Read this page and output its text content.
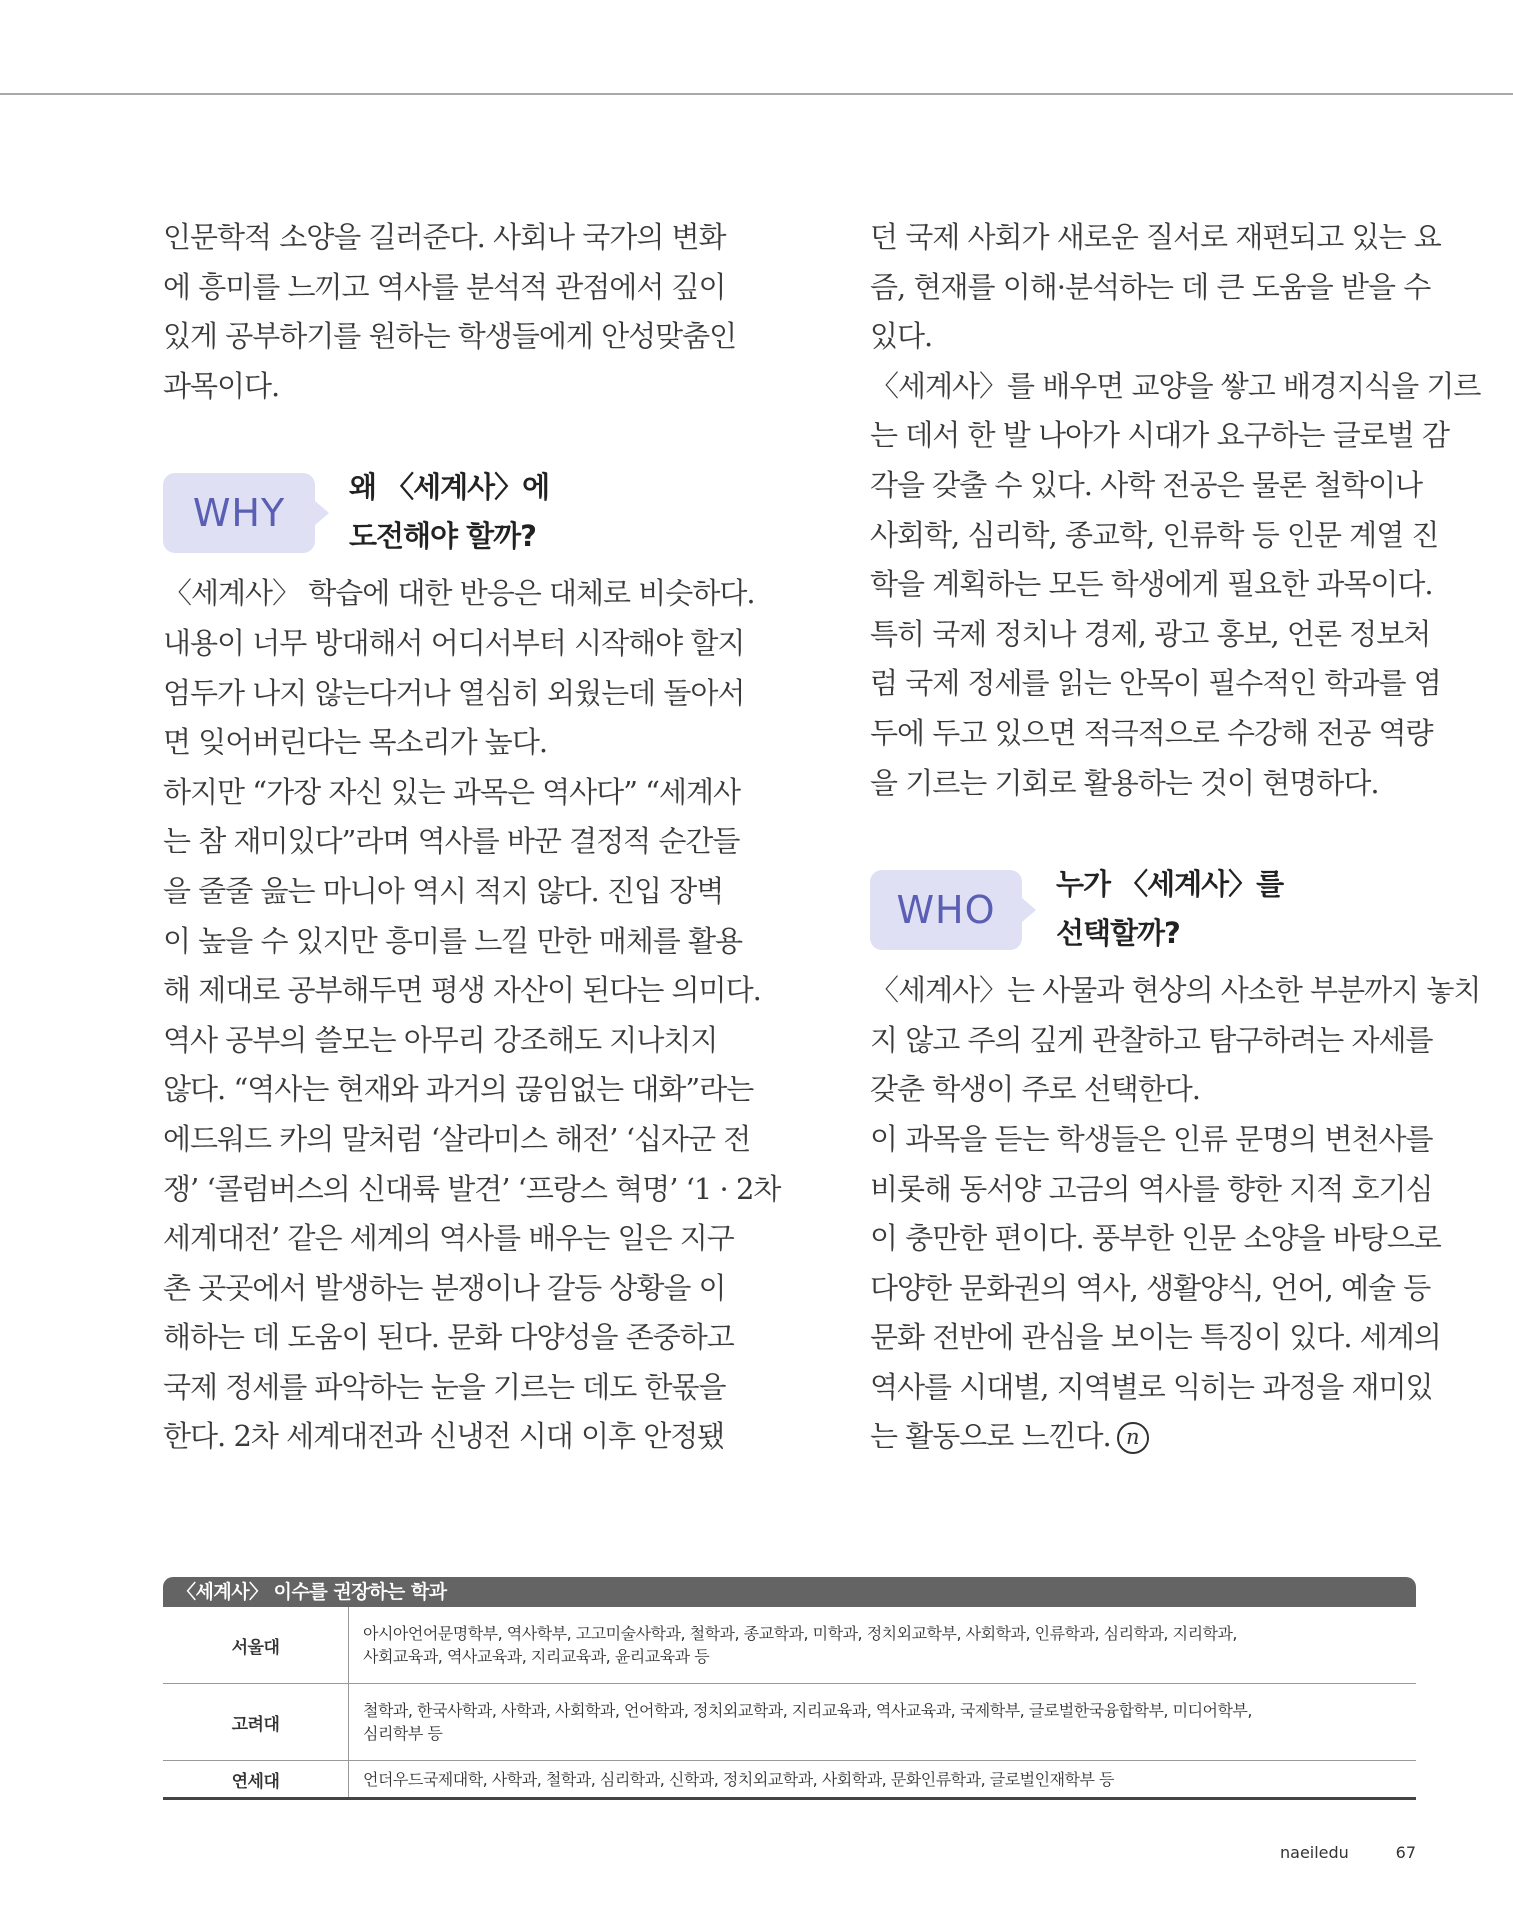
인문학적 소양을 길러준다. 사회나 국가의 변화

에 흥미를 느끼고 역사를 분석적 관점에서 깊이

있게 공부하기를 원하는 학생들에게 안성맞춤인

과목이다.

WHY
왜 〈세계사〉에
도전해야 할까?

〈세계사〉 학습에 대한 반응은 대체로 비슷하다.

내용이 너무 방대해서 어디서부터 시작해야 할지

엄두가 나지 않는다거나 열심히 외웠는데 돌아서

면 잊어버린다는 목소리가 높다.

하지만 “가장 자신 있는 과목은 역사다” “세계사

는 참 재미있다”라며 역사를 바꾼 결정적 순간들

을 줄줄 읊는 마니아 역시 적지 않다. 진입 장벽

이 높을 수 있지만 흥미를 느낄 만한 매체를 활용

해 제대로 공부해두면 평생 자산이 된다는 의미다.

역사 공부의 쓸모는 아무리 강조해도 지나치지

않다. “역사는 현재와 과거의 끊임없는 대화”라는

에드워드 카의 말처럼 ‘살라미스 해전’ ‘십자군 전

쟁’ ‘콜럼버스의 신대륙 발견’ ‘프랑스 혁명’ ‘1 · 2차

세계대전’ 같은 세계의 역사를 배우는 일은 지구

촌 곳곳에서 발생하는 분쟁이나 갈등 상황을 이

해하는 데 도움이 된다. 문화 다양성을 존중하고

국제 정세를 파악하는 눈을 기르는 데도 한몫을

한다. 2차 세계대전과 신냉전 시대 이후 안정됐

던 국제 사회가 새로운 질서로 재편되고 있는 요

즘, 현재를 이해·분석하는 데 큰 도움을 받을 수

있다.

〈세계사〉를 배우면 교양을 쌓고 배경지식을 기르

는 데서 한 발 나아가 시대가 요구하는 글로벌 감

각을 갖출 수 있다. 사학 전공은 물론 철학이나

사회학, 심리학, 종교학, 인류학 등 인문 계열 진

학을 계획하는 모든 학생에게 필요한 과목이다.

특히 국제 정치나 경제, 광고 홍보, 언론 정보처

럼 국제 정세를 읽는 안목이 필수적인 학과를 염

두에 두고 있으면 적극적으로 수강해 전공 역량

을 기르는 기회로 활용하는 것이 현명하다.

WHO
누가 〈세계사〉를
선택할까?

〈세계사〉는 사물과 현상의 사소한 부분까지 놓치

지 않고 주의 깊게 관찰하고 탐구하려는 자세를

갖춘 학생이 주로 선택한다.

이 과목을 듣는 학생들은 인류 문명의 변천사를

비롯해 동서양 고금의 역사를 향한 지적 호기심

이 충만한 편이다. 풍부한 인문 소양을 바탕으로

다양한 문화권의 역사, 생활양식, 언어, 예술 등

문화 전반에 관심을 보이는 특징이 있다. 세계의

역사를 시대별, 지역별로 익히는 과정을 재미있

는 활동으로 느낀다. n

〈세계사〉 이수를 권장하는 학과
서울대	아시아언어문명학부, 역사학부, 고고미술사학과, 철학과, 종교학과, 미학과, 정치외교학부, 사회학과, 인류학과, 심리학과, 지리학과,
사회교육과, 역사교육과, 지리교육과, 윤리교육과 등

고려대	철학과, 한국사학과, 사학과, 사회학과, 언어학과, 정치외교학과, 지리교육과, 역사교육과, 국제학부, 글로벌한국융합학부, 미디어학부,
심리학부 등

연세대	언더우드국제대학, 사학과, 철학과, 심리학과, 신학과, 정치외교학과, 사회학과, 문화인류학과, 글로벌인재학부 등
naeiledu	67
